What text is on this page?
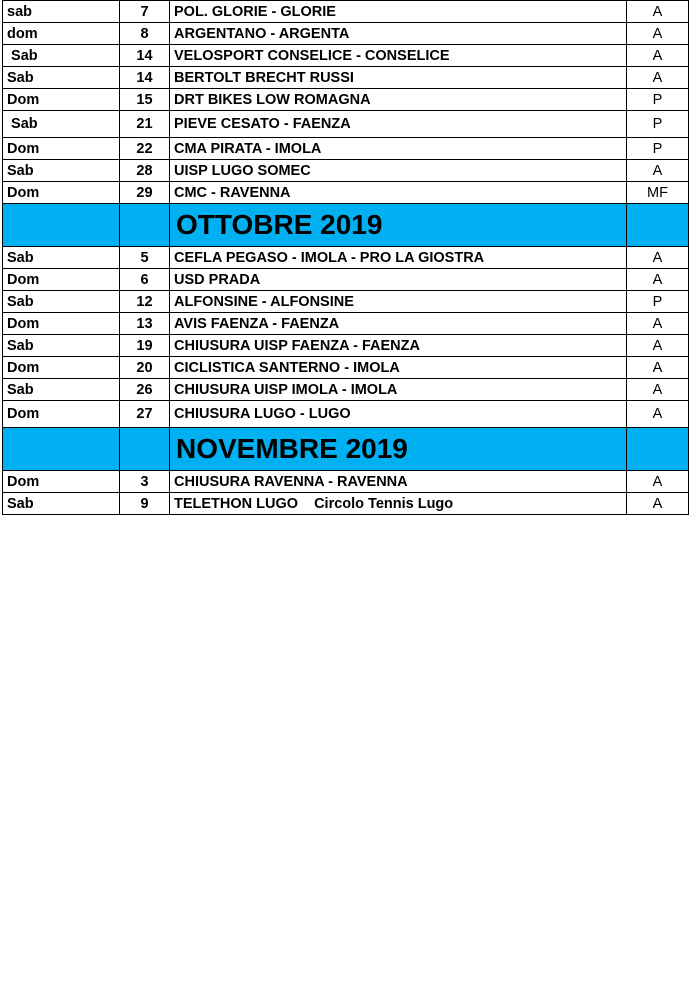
sab	7	POL. GLORIE - GLORIE	A
dom	8	ARGENTANO - ARGENTA	A
Sab	14	VELOSPORT CONSELICE - CONSELICE	A
Sab	14	BERTOLT BRECHT RUSSI	A
Dom	15	DRT BIKES LOW ROMAGNA	P
Sab	21	PIEVE CESATO - FAENZA	P
Dom	22	CMA PIRATA - IMOLA	P
Sab	28	UISP LUGO SOMEC	A
Dom	29	CMC - RAVENNA	MF
		OTTOBRE 2019	
Sab	5	CEFLA PEGASO - IMOLA - PRO LA GIOSTRA	A
Dom	6	USD PRADA	A
Sab	12	ALFONSINE - ALFONSINE	P
Dom	13	AVIS FAENZA - FAENZA	A
Sab	19	CHIUSURA UISP FAENZA - FAENZA	A
Dom	20	CICLISTICA SANTERNO - IMOLA	A
Sab	26	CHIUSURA UISP IMOLA - IMOLA	A
Dom	27	CHIUSURA LUGO - LUGO	A
		NOVEMBRE 2019	
Dom	3	CHIUSURA RAVENNA - RAVENNA	A
Sab	9	TELETHON LUGO Circolo Tennis Lugo	A
